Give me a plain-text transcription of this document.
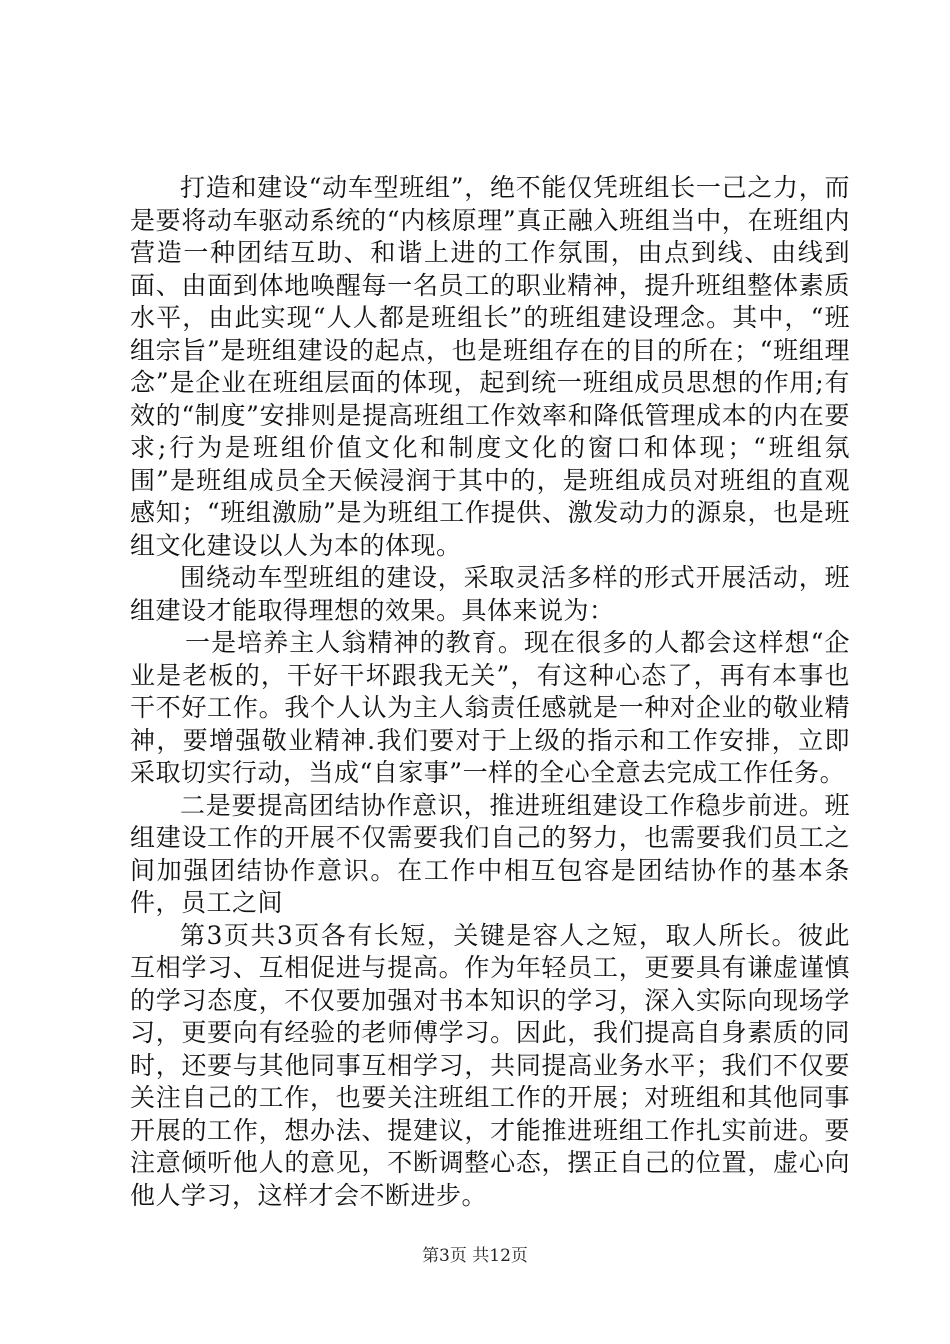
打造和建设“动车型班组”，绝不能仅凭班组长一己之力，而是要将动车驱动系统的“内核原理”真正融入班组当中，在班组内营造一种团结互助、和谐上进的工作氛围，由点到线、由线到面、由面到体地唤醒每一名员工的职业精神，提升班组整体素质水平，由此实现“人人都是班组长”的班组建设理念。其中，“班组宗旨”是班组建设的起点，也是班组存在的目的所在；“班组理念”是企业在班组层面的体现，起到统一班组成员思想的作用;有效的“制度”安排则是提高班组工作效率和降低管理成本的内在要求;行为是班组价值文化和制度文化的窗口和体现；“班组氛围”是班组成员全天候浸润于其中的，是班组成员对班组的直观感知；“班组激励”是为班组工作提供、激发动力的源泉，也是班组文化建设以人为本的体现。

围绕动车型班组的建设，采取灵活多样的形式开展活动，班组建设才能取得理想的效果。具体来说为：

一是培养主人翁精神的教育。现在很多的人都会这样想“企业是老板的，干好干坏跟我无关”，有这种心态了，再有本事也干不好工作。我个人认为主人翁责任感就是一种对企业的敬业精神，要增强敬业精神.我们要对于上级的指示和工作安排，立即采取切实行动，当成“自家事”一样的全心全意去完成工作任务。

二是要提高团结协作意识，推进班组建设工作稳步前进。班组建设工作的开展不仅需要我们自己的努力，也需要我们员工之间加强团结协作意识。在工作中相互包容是团结协作的基本条件，员工之间

第3页共3页各有长短，关键是容人之短，取人所长。彼此互相学习、互相促进与提高。作为年轻员工，更要具有谦虚谨慎的学习态度，不仅要加强对书本知识的学习，深入实际向现场学习，更要向有经验的老师傅学习。因此，我们提高自身素质的同时，还要与其他同事互相学习，共同提高业务水平；我们不仅要关注自己的工作，也要关注班组工作的开展；对班组和其他同事开展的工作，想办法、提建议，才能推进班组工作扎实前进。要注意倾听他人的意见，不断调整心态，摆正自己的位置，虚心向他人学习，这样才会不断进步。

第3页 共12页
